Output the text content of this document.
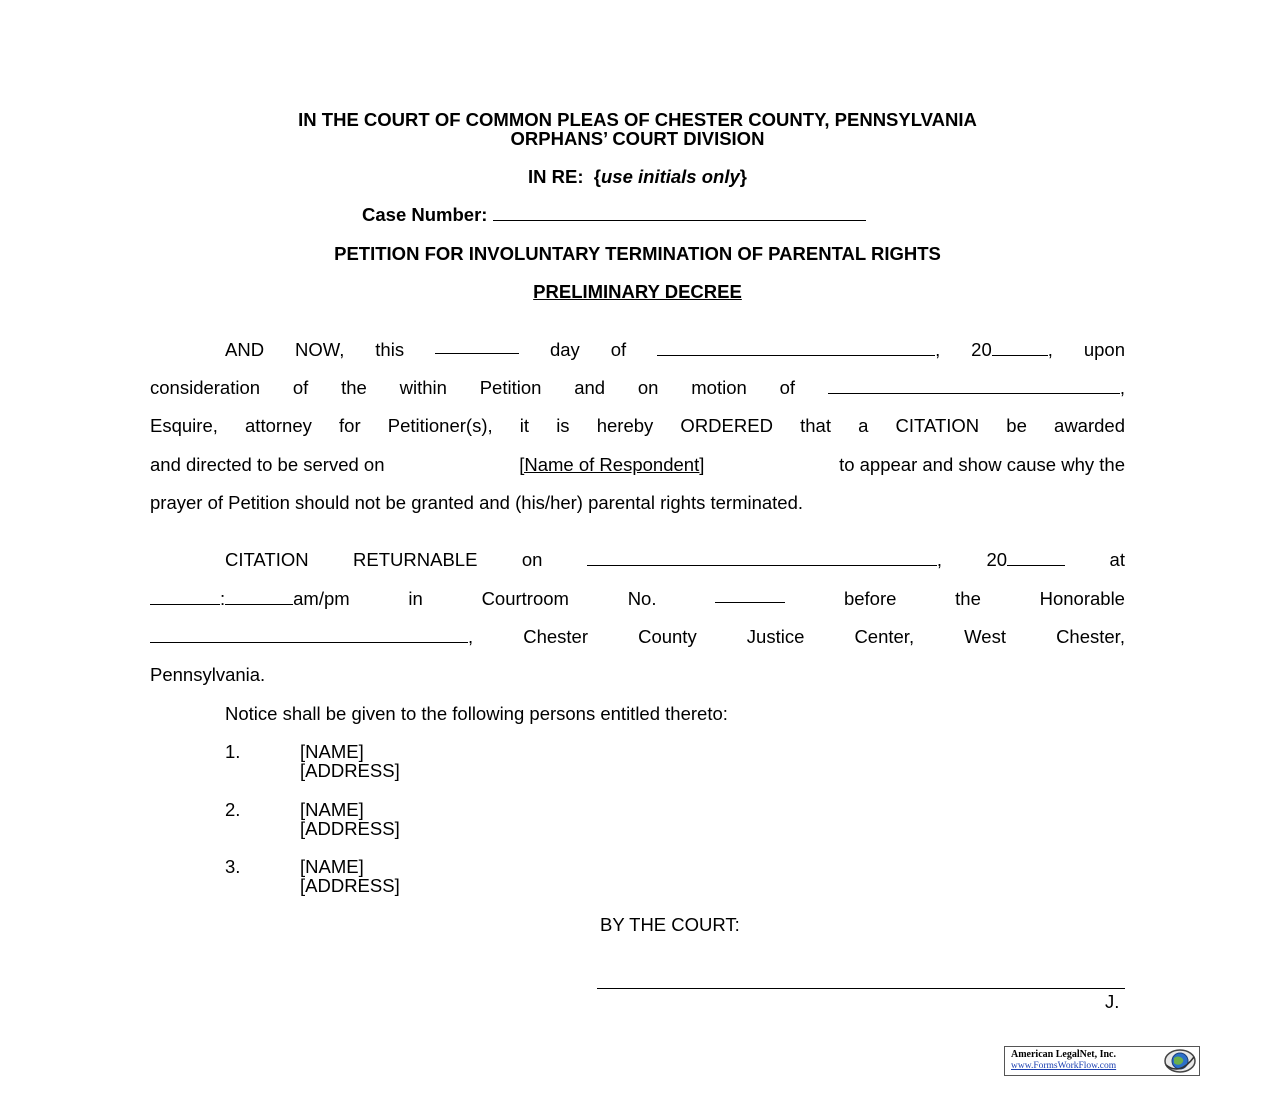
IN THE COURT OF COMMON PLEAS OF CHESTER COUNTY, PENNSYLVANIA
ORPHANS’ COURT DIVISION
IN RE: {use initials only}
Case Number:
PETITION FOR INVOLUNTARY TERMINATION OF PARENTAL RIGHTS
PRELIMINARY DECREE
AND NOW, this	day of	, 20	, upon
consideration of the within Petition and on motion of	,
Esquire, attorney for Petitioner(s), it is hereby ORDERED that a CITATION be awarded
and directed to be served on	[Name of Respondent]	to appear and show cause why the
prayer of Petition should not be granted and (his/her) parental rights terminated.
CITATION RETURNABLE on	, 20	at
:	am/pm	in	Courtroom	No.	before	the	Honorable
,	Chester	County	Justice	Center,	West	Chester,
Pennsylvania.
Notice shall be given to the following persons entitled thereto:
1.	[NAME]
[ADDRESS]
2.	[NAME]
[ADDRESS]
3.	[NAME]
[ADDRESS]
BY THE COURT:
J.
American LegalNet, Inc.
www.FormsWorkFlow.com
